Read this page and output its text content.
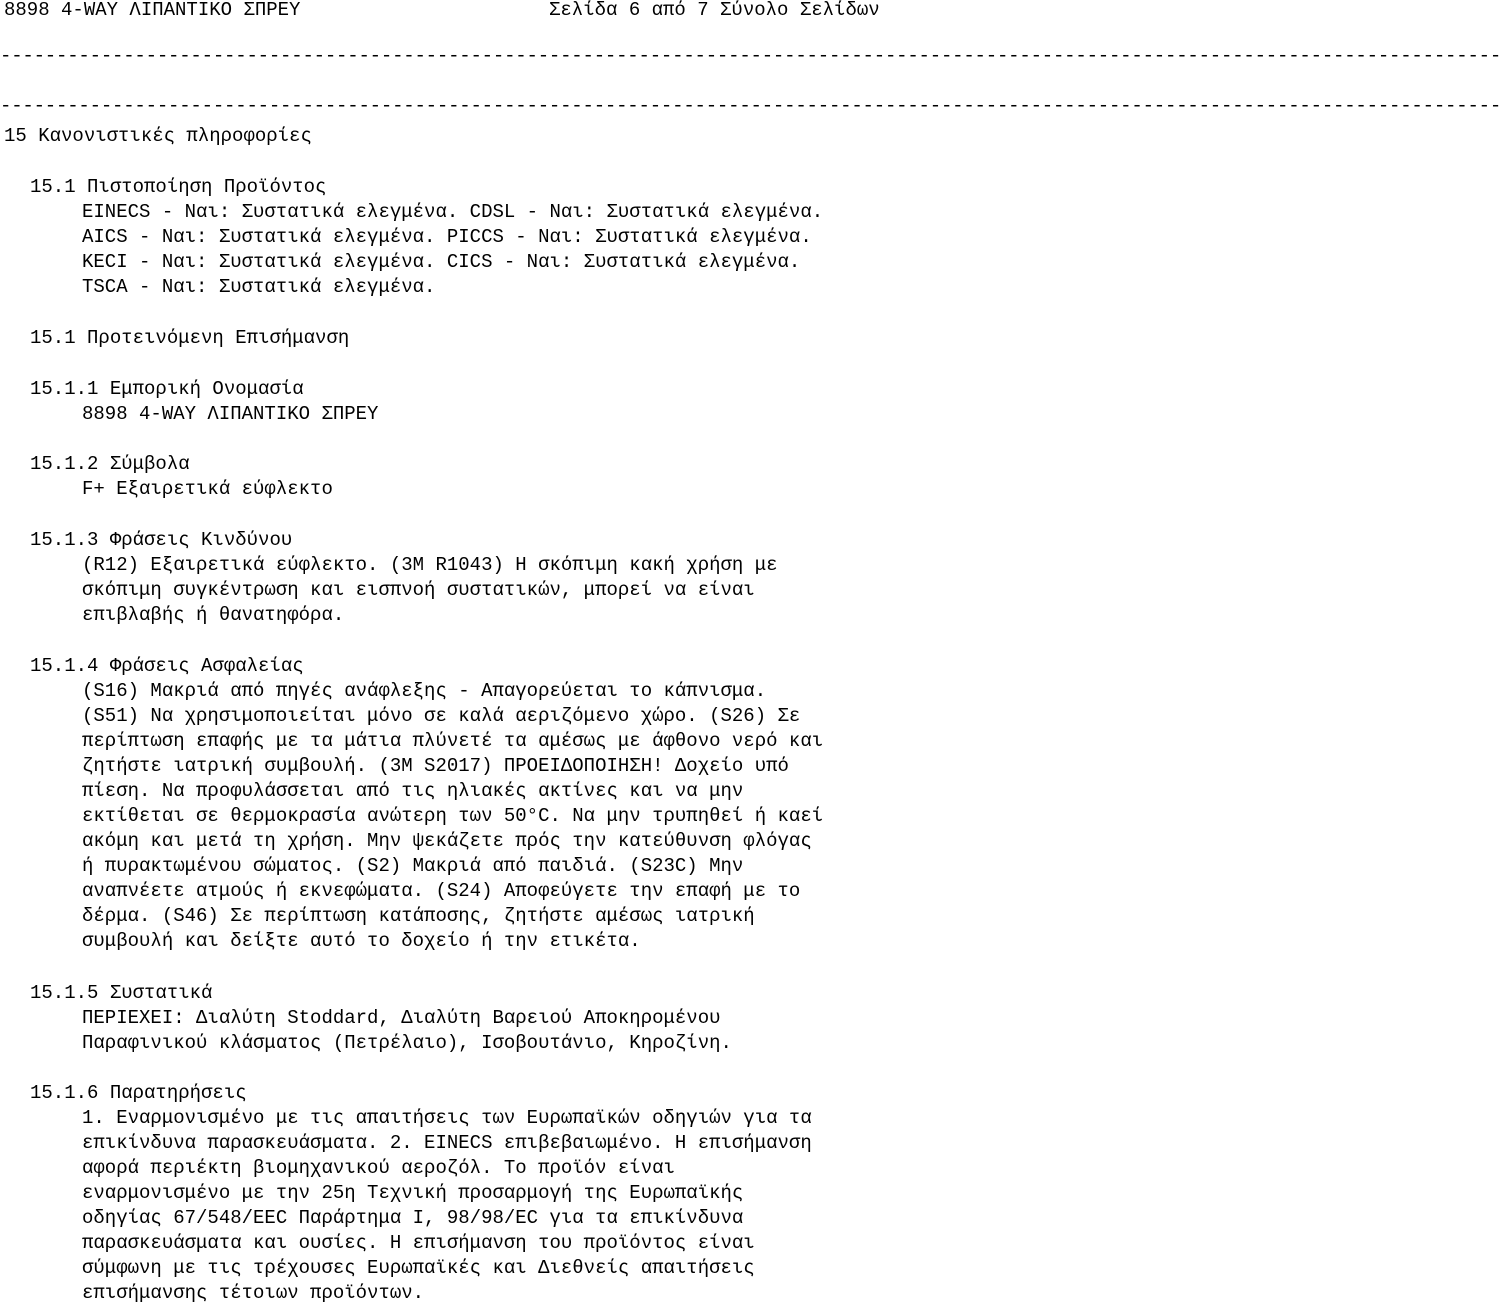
8898 4-WAY ΛΙΠΑΝΤΙΚΟ ΣΠΡΕΥ	Σελίδα 6 από 7 Σύνολο Σελίδων
--------------------------------------------------------------------------------------------------------------------------------------
--------------------------------------------------------------------------------------------------------------------------------------
15 Κανονιστικές πληροφορίες
15.1 Πιστοποίηση Προϊόντος
EINECS - Ναι: Συστατικά ελεγμένα. CDSL - Ναι: Συστατικά ελεγμένα.
AICS - Ναι: Συστατικά ελεγμένα. PICCS - Ναι: Συστατικά ελεγμένα.
KECI - Ναι: Συστατικά ελεγμένα. CICS - Ναι: Συστατικά ελεγμένα.
TSCA - Ναι: Συστατικά ελεγμένα.
15.1 Προτεινόμενη Επισήμανση
15.1.1 Εμπορική Ονομασία
8898 4-WAY ΛΙΠΑΝΤΙΚΟ ΣΠΡΕΥ
15.1.2 Σύμβολα
F+ Εξαιρετικά εύφλεκτο
15.1.3 Φράσεις Κινδύνου
(R12) Εξαιρετικά εύφλεκτο. (3M R1043) Η σκόπιμη κακή χρήση με
σκόπιμη συγκέντρωση και εισπνοή συστατικών, μπορεί να είναι
επιβλαβής ή θανατηφόρα.
15.1.4 Φράσεις Ασφαλείας
(S16) Μακριά από πηγές ανάφλεξης - Απαγορεύεται το κάπνισμα.
(S51) Να χρησιμοποιείται μόνο σε καλά αεριζόμενο χώρο. (S26) Σε
περίπτωση επαφής με τα μάτια πλύνετέ τα αμέσως με άφθονο νερό και
ζητήστε ιατρική συμβουλή. (3M S2017) ΠΡΟΕΙΔΟΠΟΙΗΣΗ! Δοχείο υπό
πίεση. Να προφυλάσσεται από τις ηλιακές ακτίνες και να μην
εκτίθεται σε θερμοκρασία ανώτερη των 50°C. Να μην τρυπηθεί ή καεί
ακόμη και μετά τη χρήση. Μην ψεκάζετε πρός την κατεύθυνση φλόγας
ή πυρακτωμένου σώματος. (S2) Μακριά από παιδιά. (S23C) Μην
αναπνέετε ατμούς ή εκνεφώματα. (S24) Αποφεύγετε την επαφή με το
δέρμα. (S46) Σε περίπτωση κατάποσης, ζητήστε αμέσως ιατρική
συμβουλή και δείξτε αυτό το δοχείο ή την ετικέτα.
15.1.5 Συστατικά
ΠΕΡΙΕΧΕΙ: Διαλύτη Stoddard, Διαλύτη Βαρειού Αποκηρομένου
Παραφινικού κλάσματος (Πετρέλαιο), Ισοβουτάνιο, Κηροζίνη.
15.1.6 Παρατηρήσεις
1. Εναρμονισμένο με τις απαιτήσεις των Ευρωπαϊκών οδηγιών για τα
επικίνδυνα παρασκευάσματα. 2. EINECS επιβεβαιωμένο. Η επισήμανση
αφορά περιέκτη βιομηχανικού αεροζόλ. Το προϊόν είναι
εναρμονισμένο με την 25η Τεχνική προσαρμογή της Ευρωπαϊκής
οδηγίας 67/548/EEC Παράρτημα Ι, 98/98/EC για τα επικίνδυνα
παρασκευάσματα και ουσίες. Η επισήμανση του προϊόντος είναι
σύμφωνη με τις τρέχουσες Ευρωπαϊκές και Διεθνείς απαιτήσεις
επισήμανσης τέτοιων προϊόντων.
